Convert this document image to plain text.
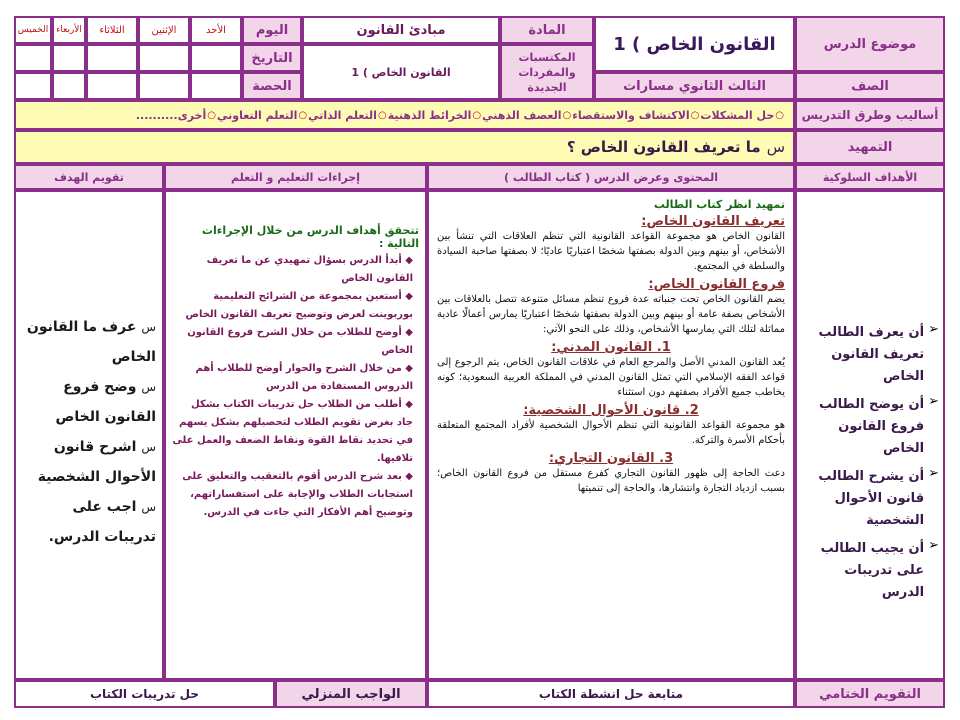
موضوع الدرس
القانون الخاص ) 1
المادة
مبادئ القانون
المكتسبات والمفردات الجديدة
القانون الخاص ) 1
الصف
الثالث الثانوي مسارات
اليوم
التاريخ
الحصة
الأحد
الإثنين
الثلاثاء
الأربعاء
الخميس
أساليب وطرق التدريس
○
حل المشكلات
○
الاكتشاف والاستقصاء
○
العصف الذهني
○
الخرائط الذهنية
○
التعلم الذاتي
○
التعلم التعاوني
○
أخرى..........
التمهيد
س
ما تعريف القانون الخاص ؟
الأهداف السلوكية
المحتوى وعرض الدرس ( كتاب الطالب )
إجراءات التعليم و التعلم
تقويم الهدف
➢
أن يعرف الطالب تعريف القانون الخاص
➢
أن يوضح الطالب فروع القانون الخاص
➢
أن يشرح الطالب قانون الأحوال الشخصية
➢
أن يجيب الطالب على تدريبات الدرس
تمهيد انظر كتاب الطالب
تعريف القانون الخاص:

القانون الخاص هو مجموعة القواعد القانونية التي تنظم العلاقات التي تنشأ بين الأشخاص، أو بينهم وبين الدولة بصفتها شخصًا اعتباريًا عاديًا؛ لا بصفتها صاحبة السيادة والسلطة في المجتمع.

فروع القانون الخاص:

يضم القانون الخاص تحت جنباته عدة فروع تنظم مسائل متنوعة تتصل بالعلاقات بين الأشخاص بصفة عامة أو بينهم وبين الدولة بصفتها شخصًا اعتباريًا يمارس أعمالًا عادية مماثلة لتلك التي يمارسها الأشخاص، وذلك على النحو الآتي:

1. القانون المدني:

يُعد القانون المدني الأصل والمرجع العام في علاقات القانون الخاص، يتم الرجوع إلى قواعد الفقه الإسلامي التي تمثل القانون المدني في المملكة العربية السعودية؛ كونه يخاطب جميع الأفراد بصفتهم دون استثناء

2. قانون الأحوال الشخصية:

هو مجموعة القواعد القانونية التي تنظم الأحوال الشخصية لأفراد المجتمع المتعلقة بأحكام الأسرة والتركة.

3. القانون التجاري:

دعت الحاجة إلى ظهور القانون التجاري كفرع مستقل من فروع القانون الخاص؛ بسبب ازدياد التجارة وانتشارها، والحاجة إلى تنميتها

تتحقق أهداف الدرس من خلال الإجراءات التالية :

◆ أبدأ الدرس بسؤال تمهيدي عن ما تعريف القانون الخاص

◆ أستعين بمجموعة من الشرائح التعليمية بوربوينت لعرض وتوضيح تعريف القانون الخاص

◆ أوضح للطلاب من خلال الشرح فروع القانون الخاص

◆ من خلال الشرح والحوار أوضح للطلاب أهم الدروس المستفادة من الدرس

◆ أطلب من الطلاب حل تدريبات الكتاب بشكل جاد بغرض تقويم الطلاب لتحصيلهم بشكل يسهم في تحديد نقاط القوة ونقاط الضعف والعمل على تلافيها.

◆ بعد شرح الدرس أقوم بالتعقيب والتعليق على استجابات الطلاب والإجابة على استفساراتهم، وتوضيح أهم الأفكار التي جاءت في الدرس.

س عرف ما القانون الخاص
س وضح فروع القانون الخاص
س اشرح قانون الأحوال الشخصية
س اجب على تدريبات الدرس.
التقويم الختامي
متابعة حل انشطة الكتاب
الواجب المنزلي
حل تدريبات الكتاب
